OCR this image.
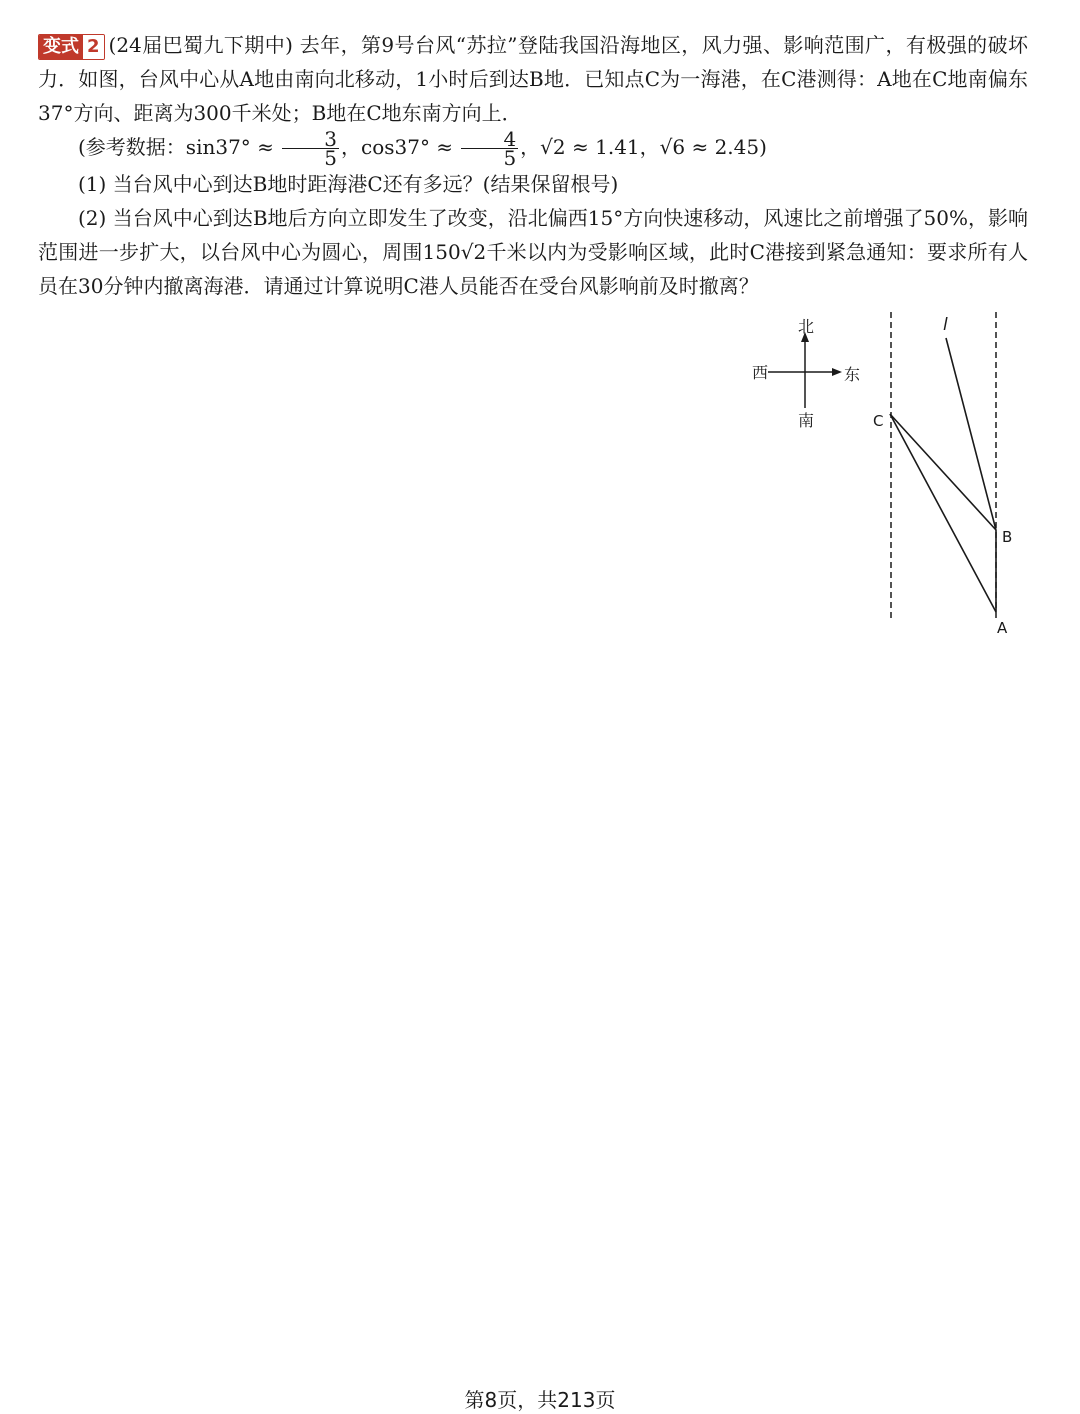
变式 2 (24届巴蜀九下期中) 去年，第9号台风“苏拉”登陆我国沿海地区，风力强、影响范围广，有极强的破坏力．如图，台风中心从A地由南向北移动，1小时后到达B地．已知点C为一海港，在C港测得：A地在C地南偏东37°方向、距离为300千米处；B地在C地东南方向上．

(参考数据：$\sin 37^\circ \approx \frac{3}{5}$ ，$\cos 37^\circ \approx \frac{4}{5}$ ，√2 ≈ 1.41，√6 ≈ 2.45)

(1) 当台风中心到达B地时距海港C还有多远？(结果保留根号)

(2) 当台风中心到达B地后方向立即发生了改变，沿北偏西15°方向快速移动，风速比之前增强了50%，影响范围进一步扩大，以台风中心为圆心，周围150√2千米以内为受影响区域，此时C港接到紧急通知：要求所有人员在30分钟内撤离海港．请通过计算说明C港人员能否在受台风影响前及时撤离？

北
南
西	东
C
B
A
l
第8页，共213页
